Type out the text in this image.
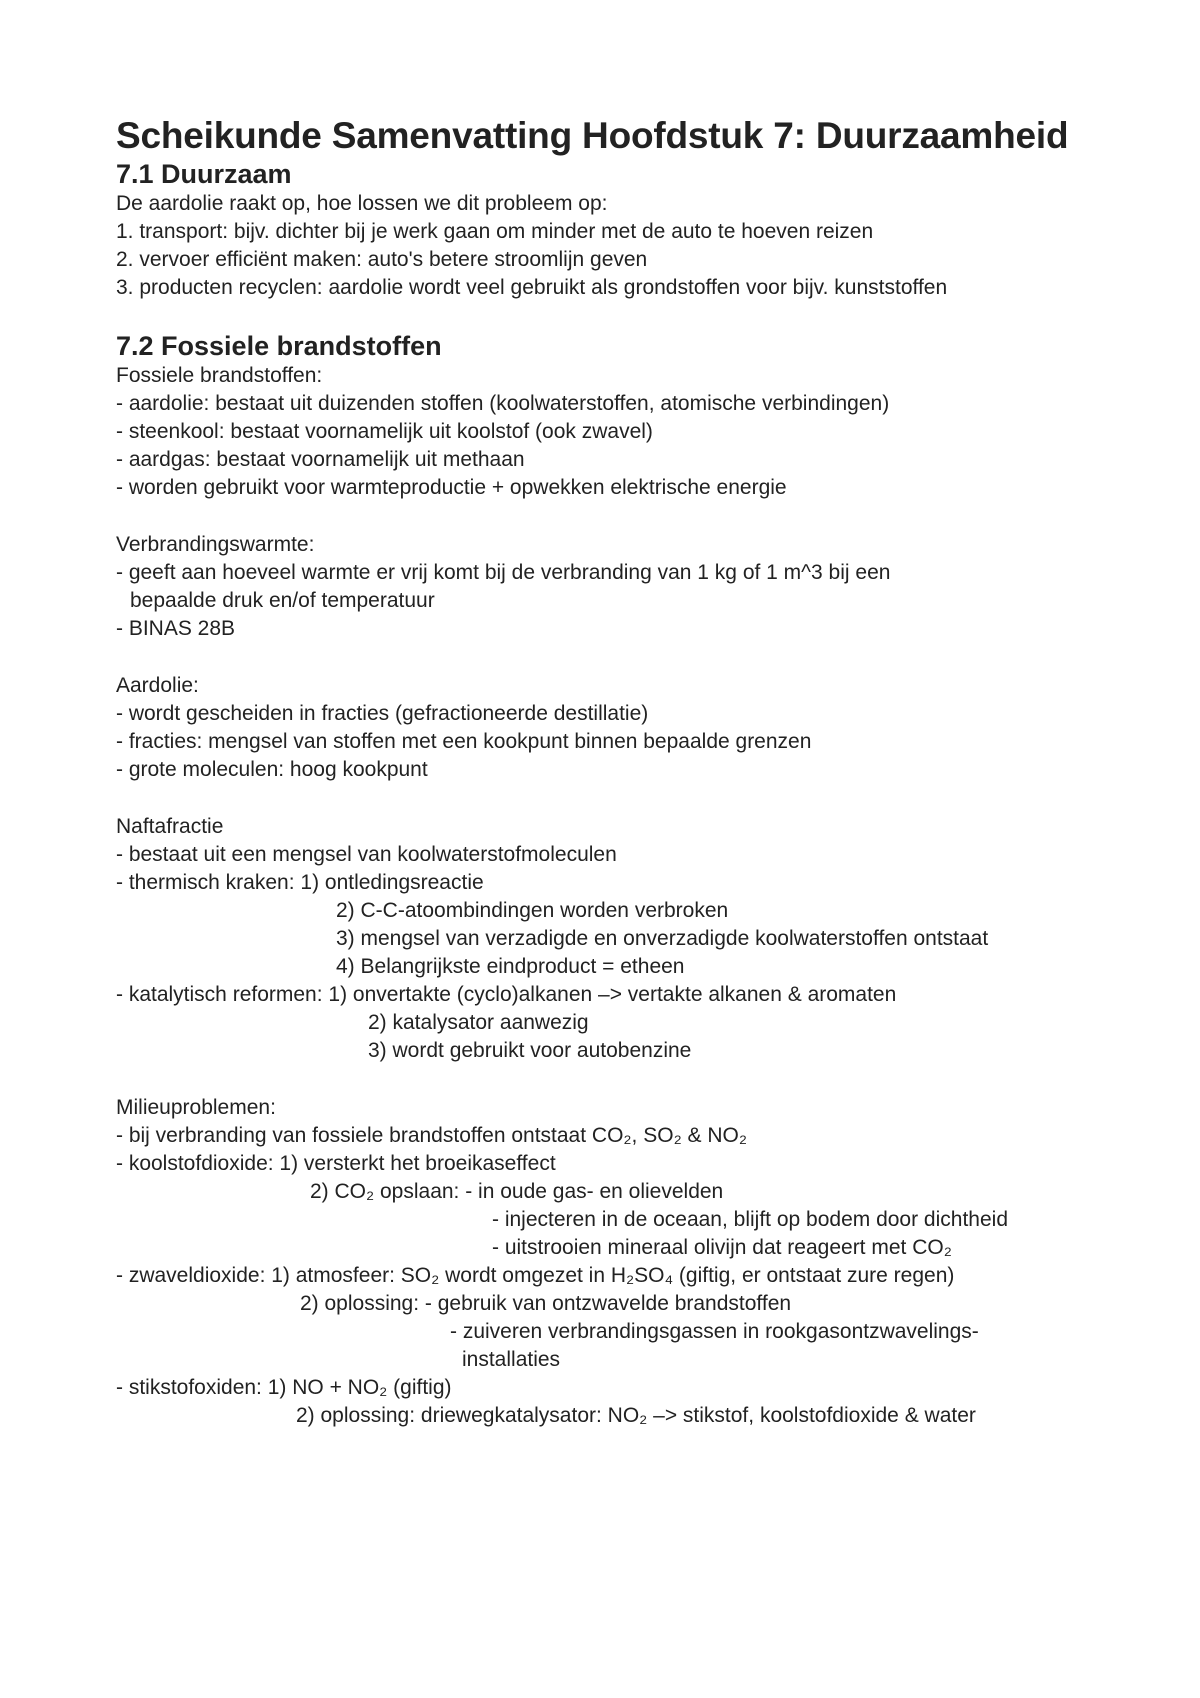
Scheikunde Samenvatting Hoofdstuk 7: Duurzaamheid
7.1 Duurzaam
De aardolie raakt op, hoe lossen we dit probleem op:
1. transport: bijv. dichter bij je werk gaan om minder met de auto te hoeven reizen
2. vervoer efficiënt maken: auto's betere stroomlijn geven
3. producten recyclen: aardolie wordt veel gebruikt als grondstoffen voor bijv. kunststoffen
7.2 Fossiele brandstoffen
Fossiele brandstoffen:
- aardolie: bestaat uit duizenden stoffen (koolwaterstoffen, atomische verbindingen)
- steenkool: bestaat voornamelijk uit koolstof (ook zwavel)
- aardgas: bestaat voornamelijk uit methaan
- worden gebruikt voor warmteproductie + opwekken elektrische energie
Verbrandingswarmte:
- geeft aan hoeveel warmte er vrij komt bij de verbranding van 1 kg of 1 m^3 bij een
bepaalde druk en/of temperatuur
- BINAS 28B
Aardolie:
- wordt gescheiden in fracties (gefractioneerde destillatie)
- fracties: mengsel van stoffen met een kookpunt binnen bepaalde grenzen
- grote moleculen: hoog kookpunt
Naftafractie
- bestaat uit een mengsel van koolwaterstofmoleculen
- thermisch kraken: 1) ontledingsreactie
2) C-C-atoombindingen worden verbroken
3) mengsel van verzadigde en onverzadigde koolwaterstoffen ontstaat
4) Belangrijkste eindproduct = etheen
- katalytisch reformen: 1) onvertakte (cyclo)alkanen –> vertakte alkanen & aromaten
2) katalysator aanwezig
3) wordt gebruikt voor autobenzine
Milieuproblemen:
- bij verbranding van fossiele brandstoffen ontstaat CO₂, SO₂ & NO₂
- koolstofdioxide: 1) versterkt het broeikaseffect
2) CO₂ opslaan: - in oude gas- en olievelden
- injecteren in de oceaan, blijft op bodem door dichtheid
- uitstrooien mineraal olivijn dat reageert met CO₂
- zwaveldioxide: 1) atmosfeer: SO₂ wordt omgezet in H₂SO₄ (giftig, er ontstaat zure regen)
2) oplossing: - gebruik van ontzwavelde brandstoffen
- zuiveren verbrandingsgassen in rookgasontzwavelings-
installaties
- stikstofoxiden: 1) NO + NO₂ (giftig)
2) oplossing: driewegkatalysator: NO₂ –> stikstof, koolstofdioxide & water
